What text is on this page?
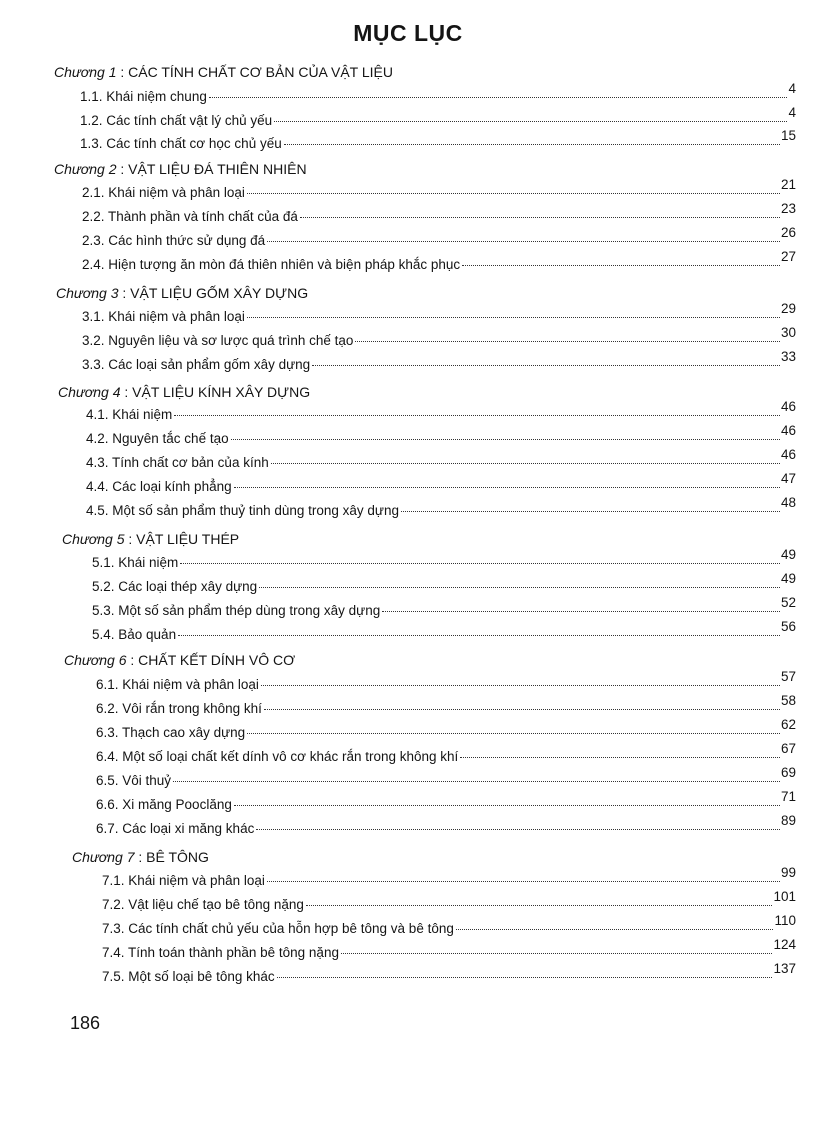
MỤC LỤC
Chương 1 : CÁC TÍNH CHẤT CƠ BẢN CỦA VẬT LIỆU
1.1. Khái niệm chung
4
1.2. Các tính chất vật lý chủ yếu
4
1.3. Các tính chất cơ học chủ yếu
15
Chương 2 : VẬT LIỆU ĐÁ THIÊN NHIÊN
2.1. Khái niệm và phân loại
21
2.2. Thành phần và tính chất của đá
23
2.3. Các hình thức sử dụng đá
26
2.4. Hiện tượng ăn mòn đá thiên nhiên và biện pháp khắc phục
27
Chương 3 : VẬT LIỆU GỐM XÂY DỰNG
3.1. Khái niệm và phân loại
29
3.2. Nguyên liệu và sơ lược quá trình chế tạo
30
3.3. Các loại sản phẩm gốm xây dựng
33
Chương 4 : VẬT LIỆU KÍNH XÂY DỰNG
4.1. Khái niệm
46
4.2. Nguyên tắc chế tạo
46
4.3. Tính chất cơ bản của kính
46
4.4. Các loại kính phẳng
47
4.5. Một số sản phẩm thuỷ tinh dùng trong xây dựng
48
Chương 5 : VẬT LIỆU THÉP
5.1. Khái niệm
49
5.2. Các loại thép xây dựng
49
5.3. Một số sản phẩm thép dùng trong xây dựng
52
5.4. Bảo quản
56
Chương 6 : CHẤT KẾT DÍNH VÔ CƠ
6.1. Khái niệm và phân loại
57
6.2. Vôi rắn trong không khí
58
6.3. Thạch cao xây dựng
62
6.4. Một số loại chất kết dính vô cơ khác rắn trong không khí
67
6.5. Vôi thuỷ
69
6.6. Xi măng Pooclăng
71
6.7. Các loại xi măng khác
89
Chương 7 : BÊ TÔNG
7.1. Khái niệm và phân loại
99
7.2. Vật liệu chế tạo bê tông nặng
101
7.3. Các tính chất chủ yếu của hỗn hợp bê tông và bê tông
110
7.4. Tính toán thành phần bê tông nặng
124
7.5. Một số loại bê tông khác
137
186
